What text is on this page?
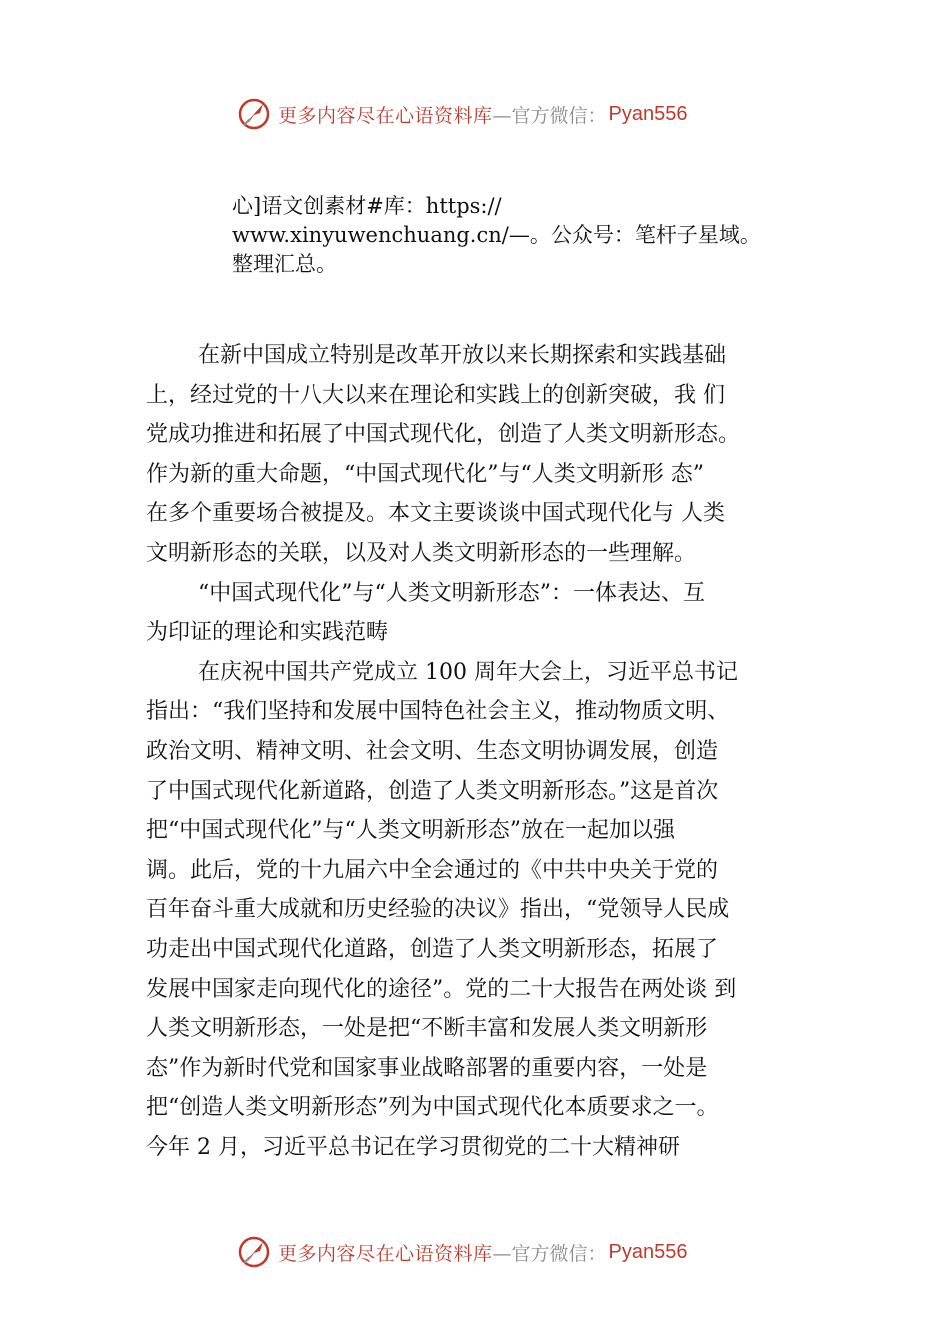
更多内容尽在心语资料库 —官方微信： Pyan556
心]语文创素材#库：https://
www.xinyuwenchuang.cn/—。公众号：笔杆子星域。
整理汇总。
在新中国成立特别是改革开放以来长期探索和实践基础
上，经过党的十八大以来在理论和实践上的创新突破，我 们
党成功推进和拓展了中国式现代化，创造了人类文明新形态。
作为新的重大命题，“中国式现代化”与“人类文明新形 态”
在多个重要场合被提及。本文主要谈谈中国式现代化与 人类
文明新形态的关联，以及对人类文明新形态的一些理解。
“中国式现代化”与“人类文明新形态”：一体表达、互
为印证的理论和实践范畴
在庆祝中国共产党成立 100 周年大会上，习近平总书记
指出：“我们坚持和发展中国特色社会主义，推动物质文明、
政治文明、精神文明、社会文明、生态文明协调发展，创造
了中国式现代化新道路，创造了人类文明新形态。”这是首次
把“中国式现代化”与“人类文明新形态”放在一起加以强
调。此后，党的十九届六中全会通过的《中共中央关于党的
百年奋斗重大成就和历史经验的决议》指出，“党领导人民成
功走出中国式现代化道路，创造了人类文明新形态，拓展了
发展中国家走向现代化的途径”。党的二十大报告在两处谈 到
人类文明新形态，一处是把“不断丰富和发展人类文明新形
态”作为新时代党和国家事业战略部署的重要内容，一处是
把“创造人类文明新形态”列为中国式现代化本质要求之一。
今年 2 月，习近平总书记在学习贯彻党的二十大精神研
更多内容尽在心语资料库 —官方微信： Pyan556
